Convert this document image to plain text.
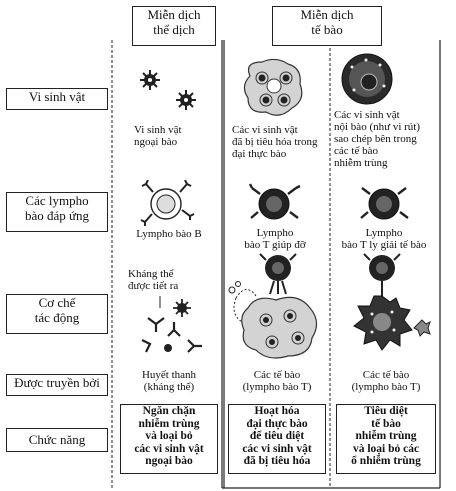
Miễn dịch
thể dịch
Miễn dịch
tế bào
Vi sinh vật
Các lympho
bào đáp ứng
Cơ chế
tác động
Được truyền bởi
Chức năng
Vi sinh vật
ngoại bào
Các vi sinh vật
đã bị tiêu hóa trong
đại thực bào
Các vi sinh vật
nội bào (như vi rút)
sao chép bên trong
các tế bào
nhiễm trùng
Lympho bào B	Lympho
bào T giúp đỡ
Lympho
bào T ly giải tế bào
Kháng thể
được tiết ra
Huyết thanh
(kháng thể)
Các tế bào
(lympho bào T)
Các tế bào
(lympho bào T)
Ngăn chặn
nhiễm trùng
và loại bỏ
các vi sinh vật
ngoại bào
Hoạt hóa
đại thực bào
để tiêu diệt
các vi sinh vật
đã bị tiêu hóa
Tiêu diệt
tế bào
nhiễm trùng
và loại bỏ các
ổ nhiễm trùng
